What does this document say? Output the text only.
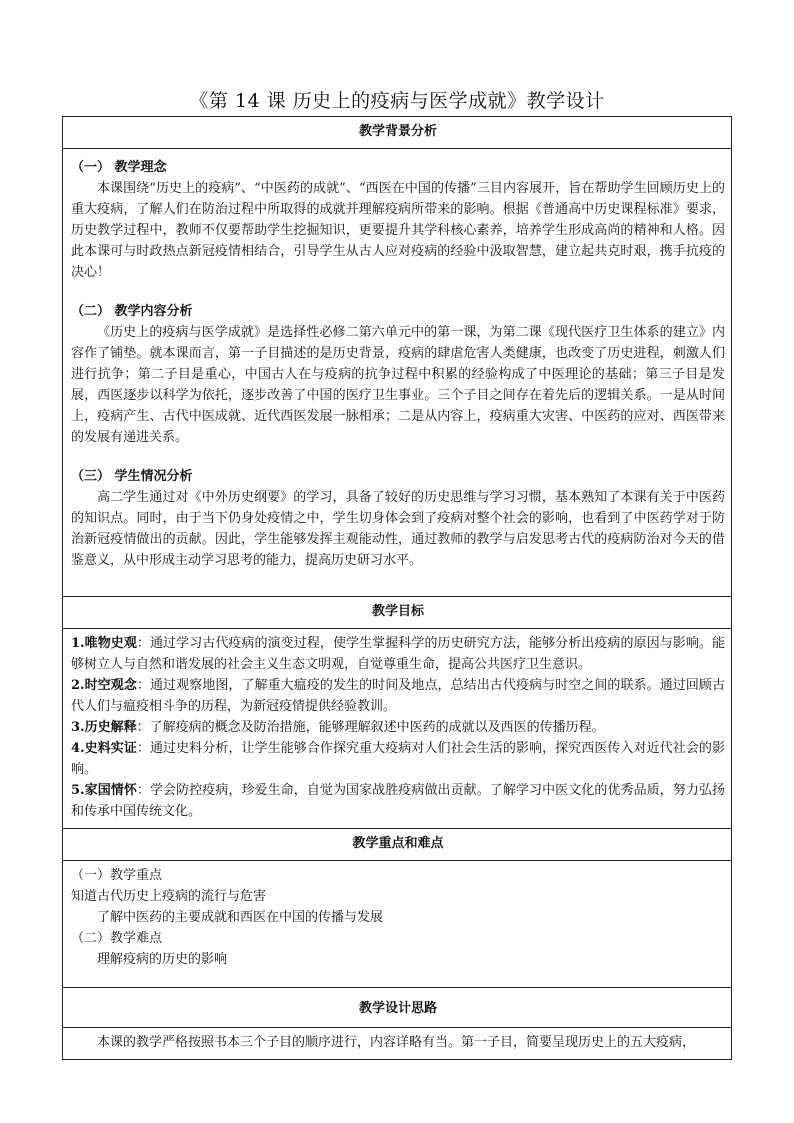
《第 14 课 历史上的疫病与医学成就》教学设计
教学背景分析

（一） 教学理念
本课围绕“历史上的疫病”、“中医药的成就”、“西医在中国的传播”三目内容展开，旨在帮助学生回顾历史上的重大疫病，了解人们在防治过程中所取得的成就并理解疫病所带来的影响。根据《普通高中历史课程标准》要求，历史教学过程中，教师不仅要帮助学生挖掘知识，更要提升其学科核心素养，培养学生形成高尚的精神和人格。因此本课可与时政热点新冠疫情相结合，引导学生从古人应对疫病的经验中汲取智慧，建立起共克时艰，携手抗疫的决心！
（二） 教学内容分析
《历史上的疫病与医学成就》是选择性必修二第六单元中的第一课，为第二课《现代医疗卫生体系的建立》内容作了铺垫。就本课而言，第一子目描述的是历史背景，疫病的肆虐危害人类健康，也改变了历史进程，刺激人们进行抗争；第二子目是重心，中国古人在与疫病的抗争过程中积累的经验构成了中医理论的基础；第三子目是发展，西医逐步以科学为依托，逐步改善了中国的医疗卫生事业。三个子目之间存在着先后的逻辑关系。一是从时间上，疫病产生、古代中医成就、近代西医发展一脉相承；二是从内容上，疫病重大灾害、中医药的应对、西医带来的发展有递进关系。
（三） 学生情况分析
高二学生通过对《中外历史纲要》的学习，具备了较好的历史思维与学习习惯，基本熟知了本课有关于中医药的知识点。同时，由于当下仍身处疫情之中，学生切身体会到了疫病对整个社会的影响，也看到了中医药学对于防治新冠疫情做出的贡献。因此，学生能够发挥主观能动性，通过教师的教学与启发思考古代的疫病防治对今天的借鉴意义，从中形成主动学习思考的能力，提高历史研习水平。

教学目标

1.唯物史观：通过学习古代疫病的演变过程，使学生掌握科学的历史研究方法，能够分析出疫病的原因与影响。能够树立人与自然和谐发展的社会主义生态文明观，自觉尊重生命，提高公共医疗卫生意识。
2.时空观念：通过观察地图，了解重大瘟疫的发生的时间及地点，总结出古代疫病与时空之间的联系。通过回顾古代人们与瘟疫相斗争的历程，为新冠疫情提供经验教训。
3.历史解释：了解疫病的概念及防治措施，能够理解叙述中医药的成就以及西医的传播历程。
4.史料实证：通过史料分析，让学生能够合作探究重大疫病对人们社会生活的影响，探究西医传入对近代社会的影响。
5.家国情怀：学会防控疫病，珍爱生命，自觉为国家战胜疫病做出贡献。了解学习中医文化的优秀品质，努力弘扬和传承中国传统文化。

教学重点和难点

（一）教学重点
知道古代历史上疫病的流行与危害
了解中医药的主要成就和西医在中国的传播与发展
（二）教学难点
理解疫病的历史的影响

教学设计思路

本课的教学严格按照书本三个子目的顺序进行，内容详略有当。第一子目，简要呈现历史上的五大疫病，
